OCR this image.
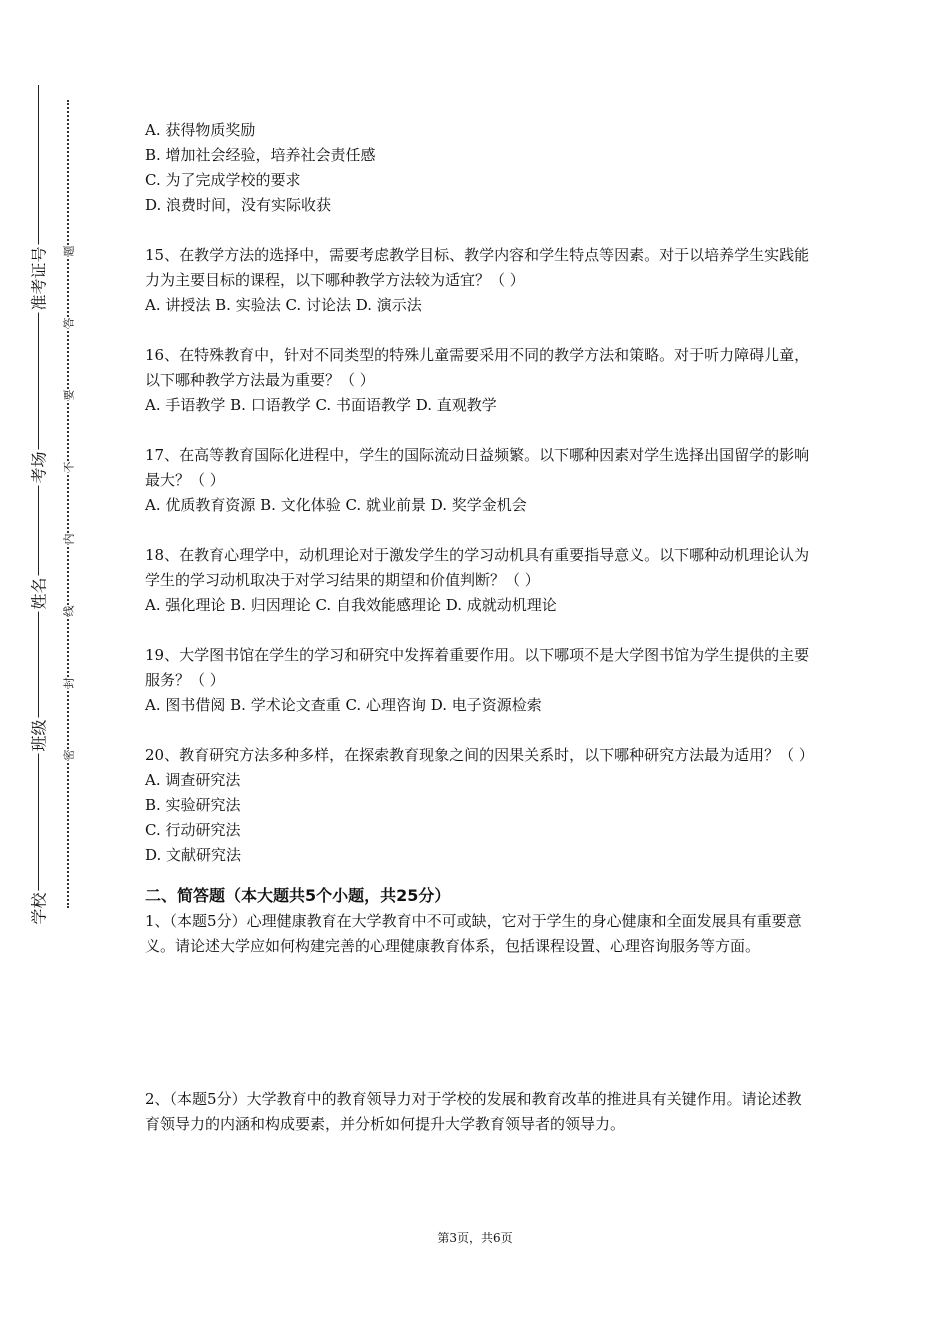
准考证号
考场
姓名
班级
学校
题
答
要
不
内
线
封
密
A. 获得物质奖励
B. 增加社会经验，培养社会责任感
C. 为了完成学校的要求
D. 浪费时间，没有实际收获
15、在教学方法的选择中，需要考虑教学目标、教学内容和学生特点等因素。对于以培养学生实践能力为主要目标的课程，以下哪种教学方法较为适宜？（ ）
A. 讲授法 B. 实验法 C. 讨论法 D. 演示法
16、在特殊教育中，针对不同类型的特殊儿童需要采用不同的教学方法和策略。对于听力障碍儿童，以下哪种教学方法最为重要？（ ）
A. 手语教学 B. 口语教学 C. 书面语教学 D. 直观教学
17、在高等教育国际化进程中，学生的国际流动日益频繁。以下哪种因素对学生选择出国留学的影响最大？（ ）
A. 优质教育资源 B. 文化体验 C. 就业前景 D. 奖学金机会
18、在教育心理学中，动机理论对于激发学生的学习动机具有重要指导意义。以下哪种动机理论认为学生的学习动机取决于对学习结果的期望和价值判断？（ ）
A. 强化理论 B. 归因理论 C. 自我效能感理论 D. 成就动机理论
19、大学图书馆在学生的学习和研究中发挥着重要作用。以下哪项不是大学图书馆为学生提供的主要服务？（ ）
A. 图书借阅 B. 学术论文查重 C. 心理咨询 D. 电子资源检索
20、教育研究方法多种多样，在探索教育现象之间的因果关系时，以下哪种研究方法最为适用？（ ）
A. 调查研究法
B. 实验研究法
C. 行动研究法
D. 文献研究法
二、简答题（本大题共5个小题，共25分）
1、（本题5分）心理健康教育在大学教育中不可或缺，它对于学生的身心健康和全面发展具有重要意义。请论述大学应如何构建完善的心理健康教育体系，包括课程设置、心理咨询服务等方面。
2、（本题5分）大学教育中的教育领导力对于学校的发展和教育改革的推进具有关键作用。请论述教育领导力的内涵和构成要素，并分析如何提升大学教育领导者的领导力。
第3页，共6页
